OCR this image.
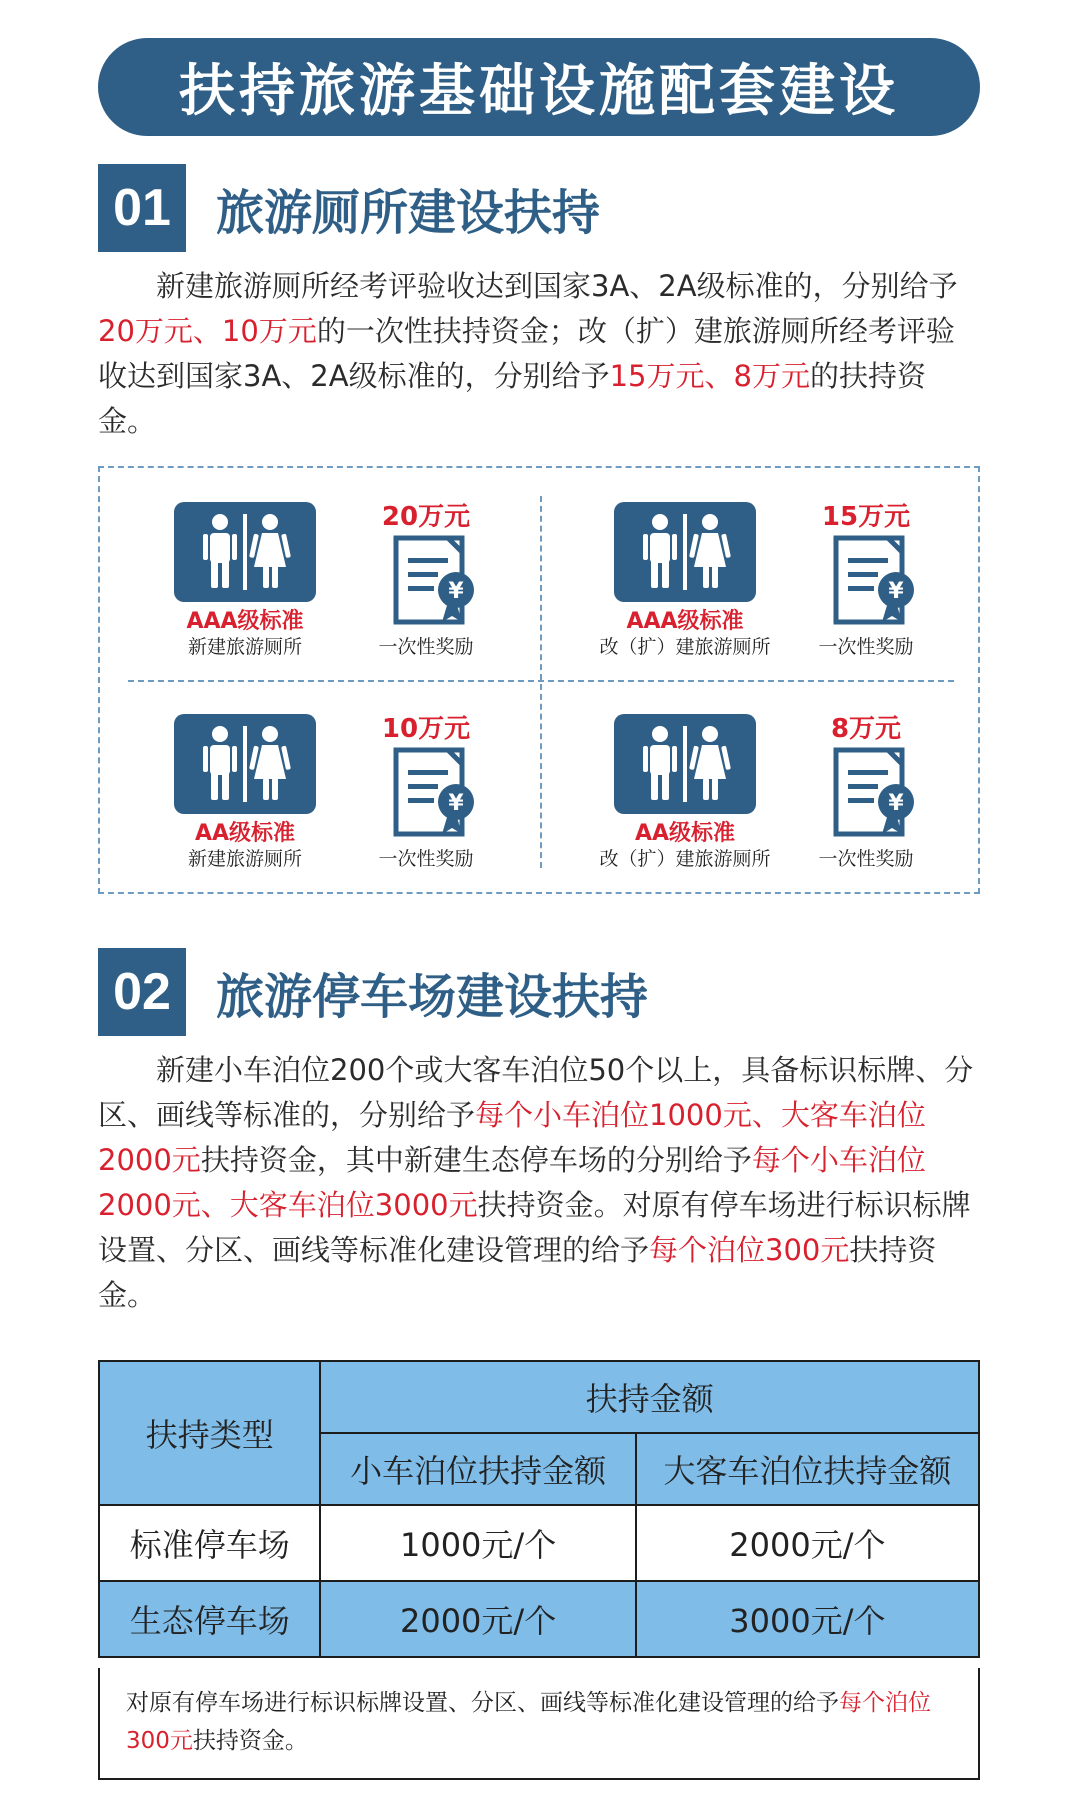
扶持旅游基础设施配套建设
01 旅游厕所建设扶持
新建旅游厕所经考评验收达到国家3A、2A级标准的，分别给予20万元、10万元的一次性扶持资金；改（扩）建旅游厕所经考评验收达到国家3A、2A级标准的，分别给予15万元、8万元的扶持资金。
AAA级标准
新建旅游厕所
20万元
¥
一次性奖励
AAA级标准
改（扩）建旅游厕所
15万元
¥
一次性奖励
AA级标准
新建旅游厕所
10万元
¥
一次性奖励
AA级标准
改（扩）建旅游厕所
8万元
¥
一次性奖励
02 旅游停车场建设扶持
新建小车泊位200个或大客车泊位50个以上，具备标识标牌、分区、画线等标准的，分别给予每个小车泊位1000元、大客车泊位2000元扶持资金，其中新建生态停车场的分别给予每个小车泊位2000元、大客车泊位3000元扶持资金。对原有停车场进行标识标牌设置、分区、画线等标准化建设管理的给予每个泊位300元扶持资金。
扶持类型	扶持金额	
	小车泊位扶持金额	大客车泊位扶持金额
标准停车场	1000元/个	2000元/个
生态停车场	2000元/个	3000元/个
对原有停车场进行标识标牌设置、分区、画线等标准化建设管理的给予每个泊位300元扶持资金。
